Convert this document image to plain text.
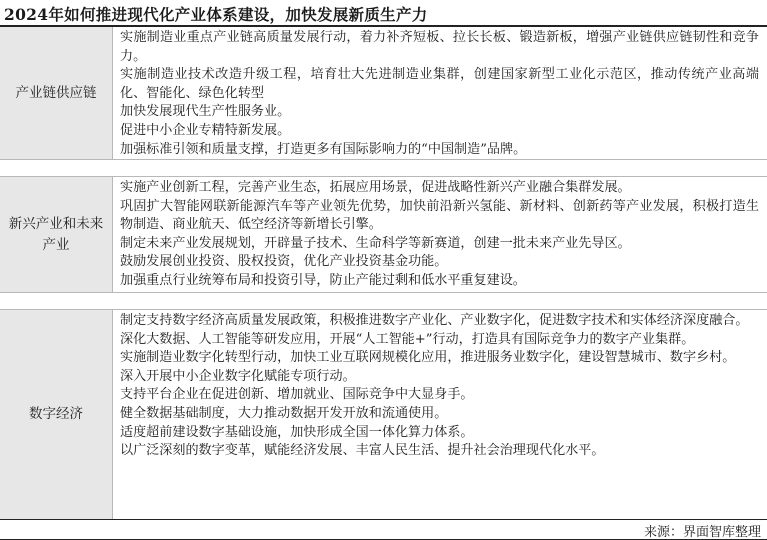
2024年如何推进现代化产业体系建设，加快发展新质生产力
产业链供应链

实施制造业重点产业链高质量发展行动，着力补齐短板、拉长长板、锻造新板，增强产业链供应链韧性和竞争力。

实施制造业技术改造升级工程，培育壮大先进制造业集群，创建国家新型工业化示范区，推动传统产业高端化、智能化、绿色化转型

加快发展现代生产性服务业。

促进中小企业专精特新发展。

加强标准引领和质量支撑，打造更多有国际影响力的“中国制造”品牌。

新兴产业和未来产业

实施产业创新工程，完善产业生态，拓展应用场景，促进战略性新兴产业融合集群发展。

巩固扩大智能网联新能源汽车等产业领先优势，加快前沿新兴氢能、新材料、创新药等产业发展，积极打造生物制造、商业航天、低空经济等新增长引擎。

制定未来产业发展规划，开辟量子技术、生命科学等新赛道，创建一批未来产业先导区。

鼓励发展创业投资、股权投资，优化产业投资基金功能。

加强重点行业统筹布局和投资引导，防止产能过剩和低水平重复建设。

数字经济

制定支持数字经济高质量发展政策，积极推进数字产业化、产业数字化，促进数字技术和实体经济深度融合。

深化大数据、人工智能等研发应用，开展“人工智能+”行动，打造具有国际竞争力的数字产业集群。

实施制造业数字化转型行动，加快工业互联网规模化应用，推进服务业数字化，建设智慧城市、数字乡村。

深入开展中小企业数字化赋能专项行动。

支持平台企业在促进创新、增加就业、国际竞争中大显身手。

健全数据基础制度，大力推动数据开发开放和流通使用。

适度超前建设数字基础设施，加快形成全国一体化算力体系。

以广泛深刻的数字变革，赋能经济发展、丰富人民生活、提升社会治理现代化水平。

来源：界面智库整理
